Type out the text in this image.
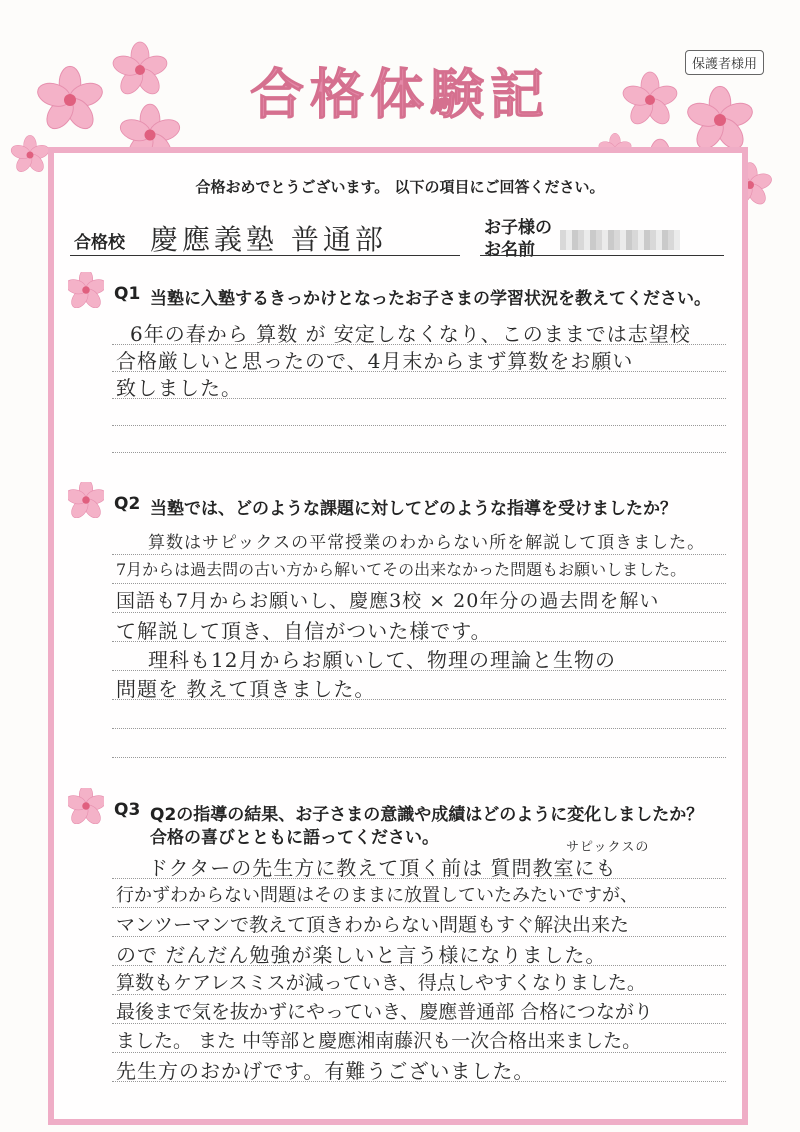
保護者様用
合格体験記
合格おめでとうございます。 以下の項目にご回答ください。
合格校 慶應義塾 普通部	お子様の
お名前
Q1 当塾に入塾するきっかけとなったお子さまの学習状況を教えてください。
6年の春から 算数 が 安定しなくなり、このままでは志望校
合格厳しいと思ったので、4月末からまず算数をお願い
致しました。
Q2 当塾では、どのような課題に対してどのような指導を受けましたか？
算数はサピックスの平常授業のわからない所を解説して頂きました。
7月からは過去問の古い方から解いてその出来なかった問題もお願いしました。
国語も7月からお願いし、慶應3校 × 20年分の過去問を解い
て解説して頂き、自信がついた様です。
理科も12月からお願いして、物理の理論と生物の
問題を 教えて頂きました。
Q3 Q2の指導の結果、お子さまの意識や成績はどのように変化しましたか？
合格の喜びとともに語ってください。	サピックスの
ドクターの先生方に教えて頂く前は 質問教室にも
行かずわからない問題はそのままに放置していたみたいですが、
マンツーマンで教えて頂きわからない問題もすぐ解決出来た
ので だんだん勉強が楽しいと言う様になりました。
算数もケアレスミスが減っていき、得点しやすくなりました。
最後まで気を抜かずにやっていき、慶應普通部 合格につながり
ました。 また 中等部と慶應湘南藤沢も一次合格出来ました。
先生方のおかげです。有難うございました。
